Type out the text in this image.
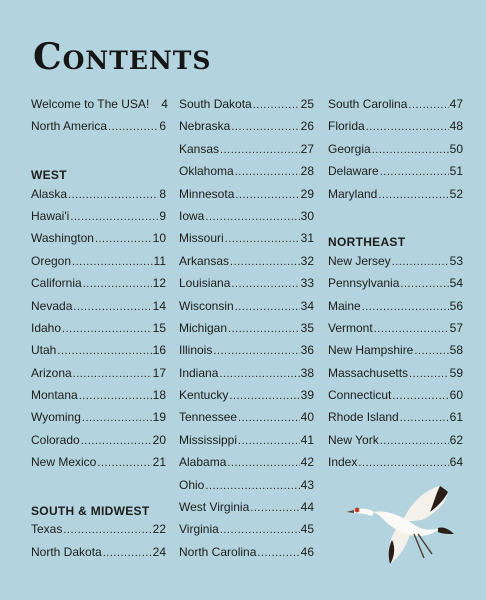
Contents
Welcome to The USA! 4
North America .....	6
WEST
Alaska .....	8
Hawai'i .....	9
Washington .....	10
Oregon .....	11
California .....	12
Nevada .....	14
Idaho .....	15
Utah .....	16
Arizona .....	17
Montana .....	18
Wyoming .....	19
Colorado .....	20
New Mexico .....	21
SOUTH & MIDWEST
Texas .....	22
North Dakota .....	24
South Dakota .....	25
Nebraska .....	26
Kansas .....	27
Oklahoma .....	28
Minnesota .....	29
Iowa .....	30
Missouri .....	31
Arkansas .....	32
Louisiana .....	33
Wisconsin .....	34
Michigan .....	35
Illinois .....	36
Indiana .....	38
Kentucky .....	39
Tennessee .....	40
Mississippi .....	41
Alabama .....	42
Ohio .....	43
West Virginia .....	44
Virginia .....	45
North Carolina .....	46
South Carolina .....	47
Florida .....	48
Georgia .....	50
Delaware .....	51
Maryland .....	52
NORTHEAST
New Jersey .....	53
Pennsylvania .....	54
Maine .....	56
Vermont .....	57
New Hampshire .....	58
Massachusetts .....	59
Connecticut .....	60
Rhode Island .....	61
New York .....	62
Index .....	64
